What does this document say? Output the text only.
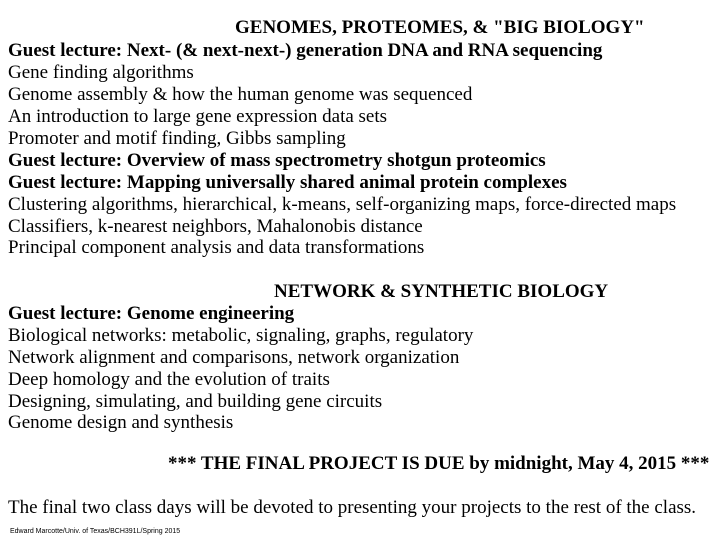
GENOMES, PROTEOMES, & "BIG BIOLOGY"
Guest lecture: Next- (& next-next-) generation DNA and RNA sequencing
Gene finding algorithms
Genome assembly & how the human genome was sequenced
An introduction to large gene expression data sets
Promoter and motif finding, Gibbs sampling
Guest lecture: Overview of mass spectrometry shotgun proteomics
Guest lecture: Mapping universally shared animal protein complexes
Clustering algorithms, hierarchical, k-means, self-organizing maps, force-directed maps
Classifiers, k-nearest neighbors, Mahalonobis distance
Principal component analysis and data transformations
NETWORK & SYNTHETIC BIOLOGY
Guest lecture: Genome engineering
Biological networks: metabolic, signaling, graphs, regulatory
Network alignment and comparisons, network organization
Deep homology and the evolution of traits
Designing, simulating, and building gene circuits
Genome design and synthesis
*** THE FINAL PROJECT IS DUE by midnight, May 4, 2015 ***
The final two class days will be devoted to presenting your projects to the rest of the class.
Edward Marcotte/Univ. of Texas/BCH391L/Spring 2015
